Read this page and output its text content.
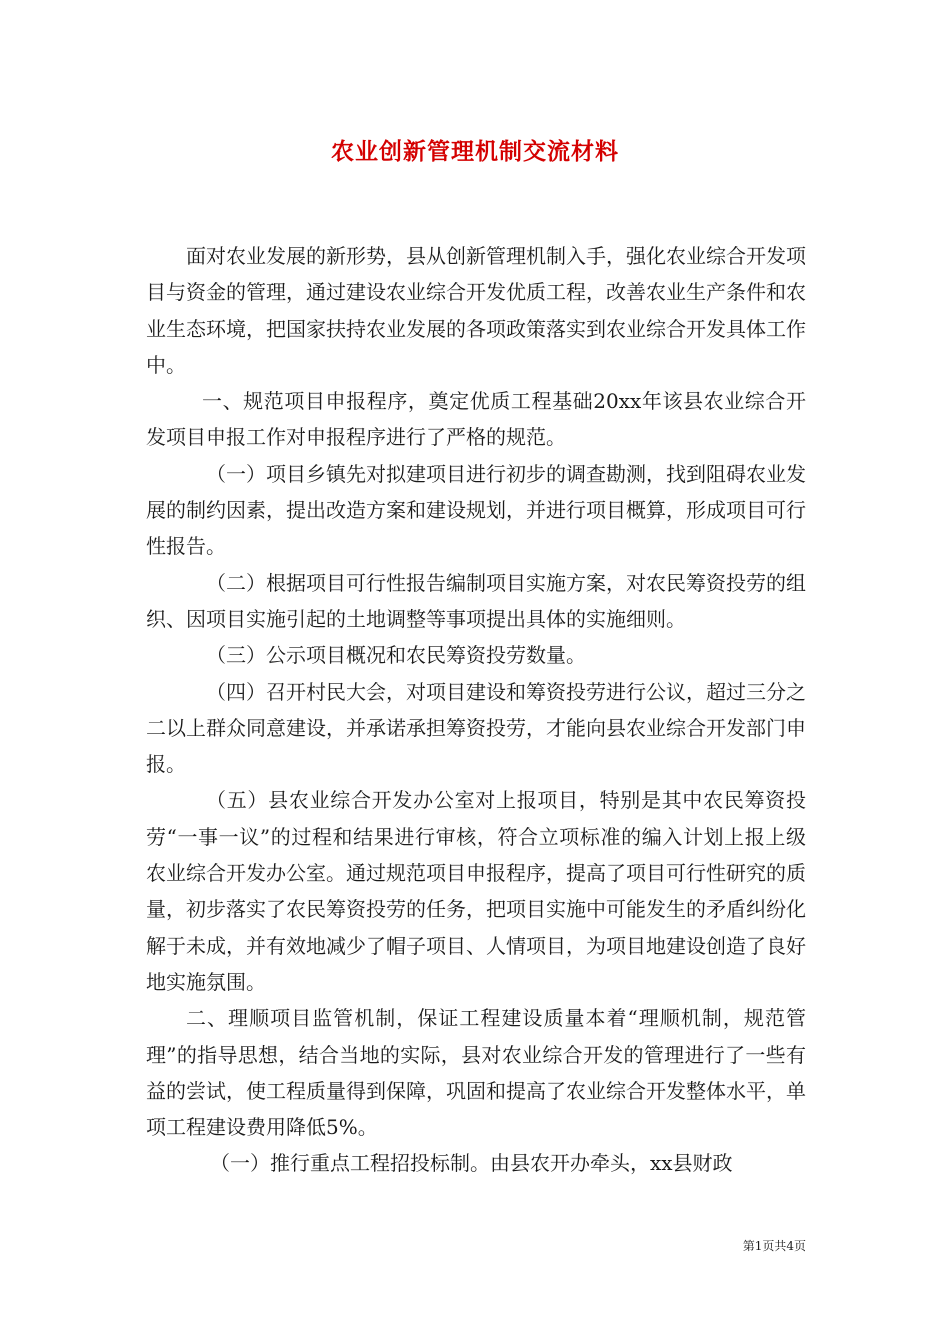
农业创新管理机制交流材料

面对农业发展的新形势，县从创新管理机制入手，强化农业综合开发项目与资金的管理，通过建设农业综合开发优质工程，改善农业生产条件和农业生态环境，把国家扶持农业发展的各项政策落实到农业综合开发具体工作中。

一、规范项目申报程序，奠定优质工程基础20xx年该县农业综合开发项目申报工作对申报程序进行了严格的规范。

（一）项目乡镇先对拟建项目进行初步的调查勘测，找到阻碍农业发展的制约因素，提出改造方案和建设规划，并进行项目概算，形成项目可行性报告。

（二）根据项目可行性报告编制项目实施方案，对农民筹资投劳的组织、因项目实施引起的土地调整等事项提出具体的实施细则。

（三）公示项目概况和农民筹资投劳数量。

（四）召开村民大会，对项目建设和筹资投劳进行公议，超过三分之二以上群众同意建设，并承诺承担筹资投劳，才能向县农业综合开发部门申报。

（五）县农业综合开发办公室对上报项目，特别是其中农民筹资投劳“一事一议”的过程和结果进行审核，符合立项标准的编入计划上报上级农业综合开发办公室。通过规范项目申报程序，提高了项目可行性研究的质量，初步落实了农民筹资投劳的任务，把项目实施中可能发生的矛盾纠纷化解于未成，并有效地减少了帽子项目、人情项目，为项目地建设创造了良好地实施氛围。

二、理顺项目监管机制，保证工程建设质量本着“理顺机制，规范管理”的指导思想，结合当地的实际，县对农业综合开发的管理进行了一些有益的尝试，使工程质量得到保障，巩固和提高了农业综合开发整体水平，单项工程建设费用降低5%。

（一）推行重点工程招投标制。由县农开办牵头，xx县财政

第1页共4页
